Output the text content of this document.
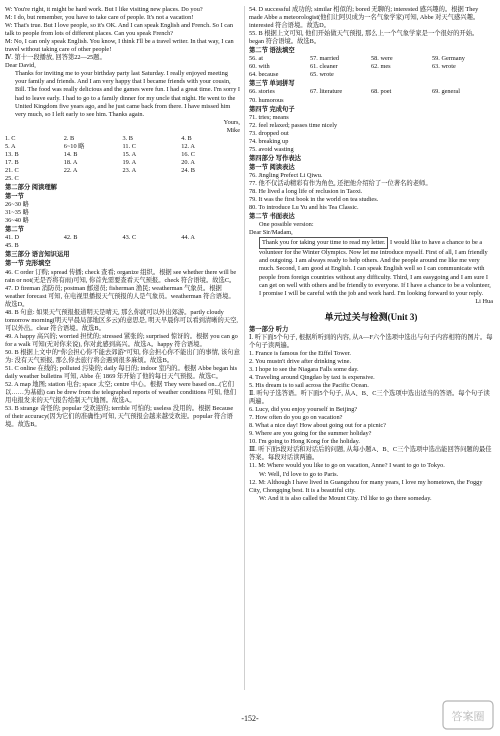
W: You're right, it might be hard work. But I like visiting new places. Do you?
M: I do, but remember, you have to take care of people. It's not a vacation!
W: That's true. But I love people, so it's OK. And I can speak English and French. So I can talk to people from lots of different places. Can you speak French?
M: No, I can only speak English. You know, I think I'll be a travel writer. In that way, I can travel without taking care of other people!
Ⅳ. 第十一段播放, 回答第22—25题。
Dear David,
Thanks for inviting me to your birthday party last Saturday. I really enjoyed meeting your family and friends. And I am very happy that I became friends with your cousin, Bill. The food was really delicious and the games were fun. I had a great time. I'm sorry I had to leave early. I had to go to a family dinner for my uncle that night. He went to the United Kingdom five years ago, and he just came back from there. I have missed him very much, so I left early to see him. Thanks again.
Yours,
Mike
1. C	2. B	3. B	4. B
5. A	6~10 略	11. C	12. A
13. B	14. B	15. A	16. C
17. B	18. A	19. A	20. A
21. C	22. A	23. A	24. B
25. C
第二部分 阅读理解
第一节
26~30 略
31~35 略
36~40 略
第二节
41. D	42. B	43. C	44. A
45. B
第三部分 语言知识运用
第一节 完形填空
46. C order 订购; spread 传播; check 查看; organize 组织。根据 see whether there will be rain or not(无是否将有雨)可知, 你首先需要查看天气预报。check 符合语境。故选C。
47. D fireman 消防员; postman 邮递员; fisherman 渔民; weatherman 气象员。根据 weather forecast 可知, 在电视里播报天气预报的人是气象员。weatherman 符合语境。故选D。
48. B 句意: 如果天气预报报道明天是晴天, 那么你就可以外出郊游。partly cloudy tomorrow morning(明天早晨局部地区多云)的意思是, 明天早晨你可以看到清晰的天空, 可以外出。clear 符合语境。故选B。
49. A happy 高兴的; worried 担忧的; stressed 紧张的; surprised 惊讶的。根据 you can go for a walk 可知(无对你来说), 你对此感到高兴。故选A。happy 符合语境。
50. B 根据上文中的“你会担心你不能去郊游”可知, 你会担心你不能出门的事情, 该句意为: 没有天气预报, 那么你去旅行将会遇到很多麻烦。故选B。
51. C online 在线的; polluted 污染的; daily 每日的; indoor 室内的。根据 Abbe began his daily weather bulletins 可知, Abbe 在 1869 年开始了他的每日天气预报。故选C。
52. A map 地图; station 电台; space 太空; centre 中心。根据 They were based on...(它们以……为基础) can be drew from the telegraphed reports of weather conditions 可知, 他们用电报发来的天气报告绘制天气地图。故选A。
53. B strange 奇怪的; popular 受欢迎的; terrible 可怕的; useless 没用的。根据 Because of their accuracy(因为它们的准确性)可知, 天气预报会越来越受欢迎。popular 符合语境。故选B。
54. D successful 成功的; similar 相似的; bored 无聊的; interested 感兴趣的。根据 They made Abbe a meteorologist(他们让阿贝成为一名气象学家)可知, Abbe 对天气感兴趣。interested 符合语境。故选D。
55. B 根据上文可知, 他们开始做天气预报, 那么上一个气象学家是一个很好的开始。began 符合语境。故选B。
第二节 语法填空
56. at	57. married	58. were	59. Germany
60. with	61. cleaner	62. mes	63. wrote
64. because	65. wrote
第三节 单词拼写
66. stories	67. literature	68. poet	69. general
70. humorous
第四节 完成句子
71. tries; means
72. feel relaxed; passes time nicely
73. dropped out
74. breaking up
75. avoid wasting
第四部分 写作表达
第一节 阅读表达
76. Jingling Prefect Li Qiwu.
77. 他不仅活动精彩有作为角色, 还把他介绍给了一位著名的老师。
78. He lived a long life of reclusion in Taoxi.
79. It was the first book in the world on tea studies.
80. To introduce Lu Yu and his Tea Classic.
第二节 书面表达
One possible version:
Dear Sir/Madam,
Thank you for taking your time to read my letter. I would like to have a chance to be a volunteer for the Winter Olympics. Now let me introduce myself. First of all, I am friendly and outgoing. I am always ready to help others. And the people around me like me very much. Second, I am good at English. I can speak English well so I can communicate with people from foreign countries without any difficulty. Third, I am easygoing and I am sure I can get on well with others and be friendly to everyone. If I have a chance to be a volunteer, I promise I will be careful with the job and work hard. I'm looking forward to your reply.
Li Hua
单元过关与检测(Unit 3)
第一部分 听力
Ⅰ. 听下面5个句子, 根据所听到的内容, 从A—F六个选项中选出与句子内容相符的图片。每个句子读两遍。
1. France is famous for the Eiffel Tower.
2. You mustn't drive after drinking wine.
3. I hope to see the Niagara Falls some day.
4. Traveling around Qingdao by taxi is expensive.
5. His dream is to sail across the Pacific Ocean.
Ⅱ. 听句子选答语。听下面5个句子, 从A、B、C三个选项中选出适当的答语。每个句子读两遍。
6. Lucy, did you enjoy yourself in Beijing?
7. How often do you go on vacation?
8. What a nice day! How about going out for a picnic?
9. Where are you going for the summer holiday?
10. I'm going to Hong Kong for the holiday.
Ⅲ. 听下面5段对话和对话后的问题, 从每小题A、B、C三个选项中选出能回答问题的最佳答案。每段对话读两遍。
11. M: Where would you like to go on vacation, Anne? I want to go to Tokyo.
W: Well, I'd love to go to Paris.
12. M: Although I have lived in Guangzhou for many years, I love my hometown, the Foggy City, Chongqing best. It is a beautiful city.
W: And it is also called the Mount City. I'd like to go there someday.
-152-	答案圈
